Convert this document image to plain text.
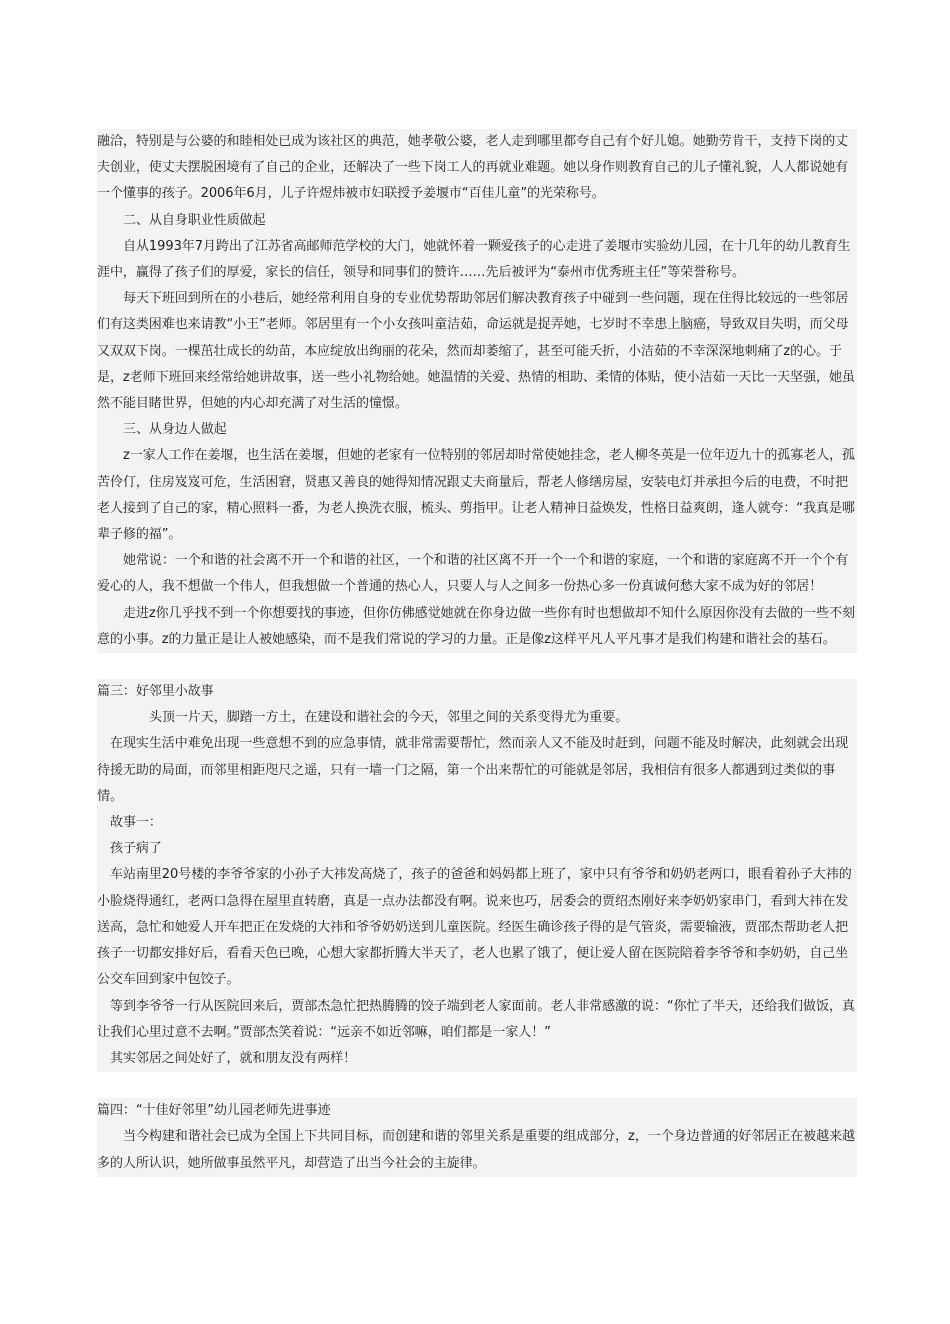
融洽，特别是与公婆的和睦相处已成为该社区的典范，她孝敬公婆，老人走到哪里都夸自己有个好儿媳。她勤劳肯干，支持下岗的丈夫创业，使丈夫摆脱困境有了自己的企业，还解决了一些下岗工人的再就业难题。她以身作则教育自己的儿子懂礼貌，人人都说她有一个懂事的孩子。2006年6月，儿子许煜炜被市妇联授予姜堰市“百佳儿童”的光荣称号。

二、从自身职业性质做起

自从1993年7月跨出了江苏省高邮师范学校的大门，她就怀着一颗爱孩子的心走进了姜堰市实验幼儿园，在十几年的幼儿教育生涯中，赢得了孩子们的厚爱，家长的信任，领导和同事们的赞许……先后被评为“泰州市优秀班主任”等荣誉称号。

每天下班回到所在的小巷后，她经常利用自身的专业优势帮助邻居们解决教育孩子中碰到一些问题，现在住得比较远的一些邻居们有这类困难也来请教“小王”老师。邻居里有一个小女孩叫童洁茹，命运就是捉弄她，七岁时不幸患上脑癌，导致双目失明，而父母又双双下岗。一棵茁壮成长的幼苗，本应绽放出绚丽的花朵，然而却萎缩了，甚至可能夭折，小洁茹的不幸深深地刺痛了z的心。于是，z老师下班回来经常给她讲故事，送一些小礼物给她。她温情的关爱、热情的相助、柔情的体贴，使小洁茹一天比一天坚强，她虽然不能目睹世界，但她的内心却充满了对生活的憧憬。

三、从身边人做起

z一家人工作在姜堰，也生活在姜堰，但她的老家有一位特别的邻居却时常使她挂念，老人柳冬英是一位年迈九十的孤寡老人，孤苦伶仃，住房岌岌可危，生活困窘，贤惠又善良的她得知情况跟丈夫商量后，帮老人修缮房屋，安装电灯并承担今后的电费，不时把老人接到了自己的家，精心照料一番，为老人换洗衣服，梳头、剪指甲。让老人精神日益焕发，性格日益爽朗，逢人就夸：“我真是哪辈子修的福”。

她常说：一个和谐的社会离不开一个和谐的社区，一个和谐的社区离不开一个一个和谐的家庭，一个和谐的家庭离不开一个个有爱心的人，我不想做一个伟人，但我想做一个普通的热心人，只要人与人之间多一份热心多一份真诚何愁大家不成为好的邻居！

走进z你几乎找不到一个你想要找的事迹，但你仿佛感觉她就在你身边做一些你有时也想做却不知什么原因你没有去做的一些不刻意的小事。z的力量正是让人被她感染，而不是我们常说的学习的力量。正是像z这样平凡人平凡事才是我们构建和谐社会的基石。

篇三：好邻里小故事

头顶一片天，脚踏一方土，在建设和谐社会的今天，邻里之间的关系变得尤为重要。

在现实生活中难免出现一些意想不到的应急事情，就非常需要帮忙，然而亲人又不能及时赶到，问题不能及时解决，此刻就会出现待援无助的局面，而邻里相距咫尺之遥，只有一墙一门之隔，第一个出来帮忙的可能就是邻居，我相信有很多人都遇到过类似的事情。

故事一：

孩子病了

车站南里20号楼的李爷爷家的小孙子大祎发高烧了，孩子的爸爸和妈妈都上班了，家中只有爷爷和奶奶老两口，眼看着孙子大祎的小脸烧得通红，老两口急得在屋里直转磨，真是一点办法都没有啊。说来也巧，居委会的贾绍杰刚好来李奶奶家串门，看到大祎在发送高，急忙和她爱人开车把正在发烧的大祎和爷爷奶奶送到儿童医院。经医生确诊孩子得的是气管炎，需要输液，贾邵杰帮助老人把孩子一切都安排好后，看看天色已晚，心想大家都折腾大半天了，老人也累了饿了，便让爱人留在医院陪着李爷爷和李奶奶，自己坐公交车回到家中包饺子。

等到李爷爷一行从医院回来后，贾部杰急忙把热腾腾的饺子端到老人家面前。老人非常感激的说：“你忙了半天，还给我们做饭，真让我们心里过意不去啊。”贾部杰笑着说：“远亲不如近邻嘛，咱们都是一家人！”

其实邻居之间处好了，就和朋友没有两样！

篇四：“十佳好邻里”幼儿园老师先进事迹

当今构建和谐社会已成为全国上下共同目标，而创建和谐的邻里关系是重要的组成部分，z，一个身边普通的好邻居正在被越来越多的人所认识，她所做事虽然平凡，却营造了出当今社会的主旋律。
